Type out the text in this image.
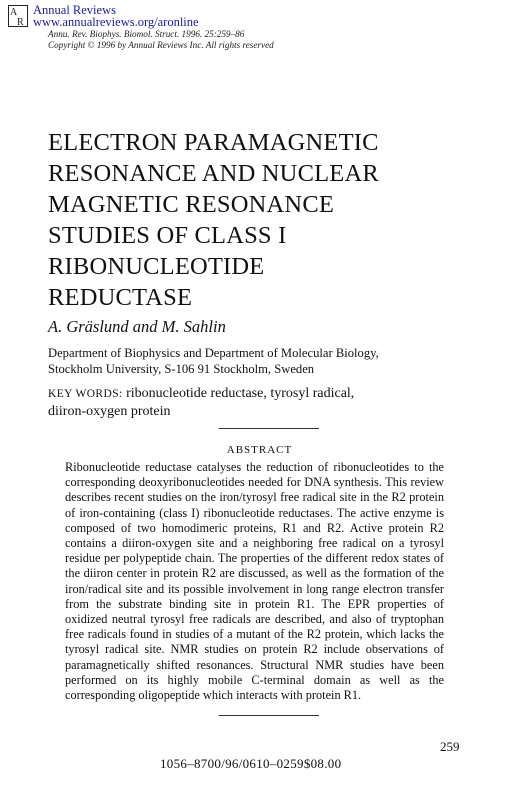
A
R
Annual Reviews
www.annualreviews.org/aronline
Annu. Rev. Biophys. Biomol. Struct. 1996. 25:259–86
Copyright © 1996 by Annual Reviews Inc. All rights reserved
ELECTRON PARAMAGNETIC
RESONANCE AND NUCLEAR
MAGNETIC RESONANCE
STUDIES OF CLASS I
RIBONUCLEOTIDE
REDUCTASE
A. Gräslund and M. Sahlin
Department of Biophysics and Department of Molecular Biology,
Stockholm University, S-106 91 Stockholm, Sweden
KEY WORDS: ribonucleotide reductase, tyrosyl radical,
diiron-oxygen protein
ABSTRACT

Ribonucleotide reductase catalyses the reduction of ribonucleotides to the corresponding deoxyribonucleotides needed for DNA synthesis. This review describes recent studies on the iron/tyrosyl free radical site in the R2 protein of iron-containing (class I) ribonucleotide reductases. The active enzyme is composed of two homodimeric proteins, R1 and R2. Active protein R2 contains a diiron-oxygen site and a neighboring free radical on a tyrosyl residue per polypeptide chain. The properties of the different redox states of the diiron center in protein R2 are discussed, as well as the formation of the iron/radical site and its possible involvement in long range electron transfer from the substrate binding site in protein R1. The EPR properties of oxidized neutral tyrosyl free radicals are described, and also of tryptophan free radicals found in studies of a mutant of the R2 protein, which lacks the tyrosyl radical site. NMR studies on protein R2 include observations of paramagnetically shifted resonances. Structural NMR studies have been performed on its highly mobile C-terminal domain as well as the corresponding oligopeptide which interacts with protein R1.

259
1056–8700/96/0610–0259$08.00
